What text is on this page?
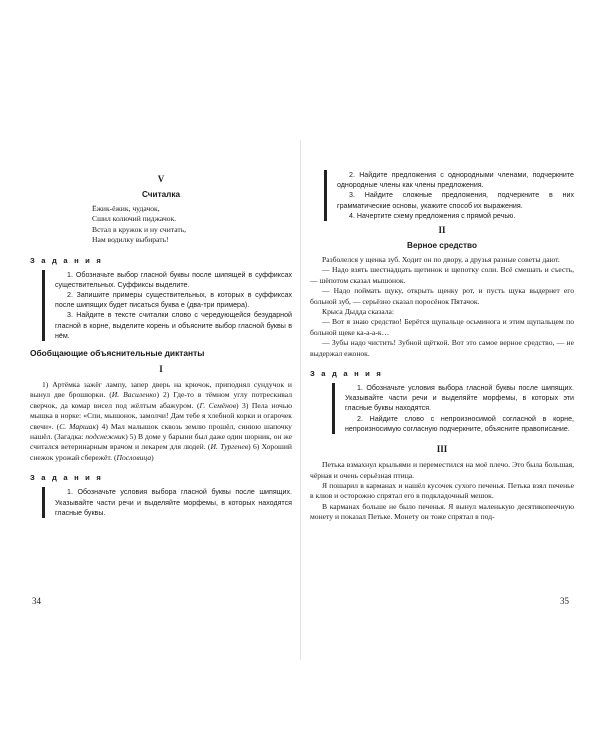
V

Считалка

Ёжик-ёжик, чудачок,

Сшил колючий пиджачок.

Встал в кружок и ну считать,

Нам водилку выбирать!

З а д а н и я

1. Обозначьте выбор гласной буквы после шипящей в суффиксах существительных. Суффиксы выделите.

2. Запишите примеры существительных, в которых в суффиксах после шипящих будет писаться буква е (два-три примера).

3. Найдите в тексте считалки слово с чередующейся безударной гласной в корне, выделите корень и объясните выбор гласной буквы в нём.

Обобщающие объяснительные диктанты

I

1) Артёмка зажёг лампу, запер дверь на крючок, приподнял сундучок и вынул две брошюрки. (И. Василенко) 2) Где-то в тёмном углу потрескивал сверчок, да комар висел под жёлтым абажуром. (Г. Семёнов) 3) Пела ночью мышка в норке: «Спи, мышонок, замолчи! Дам тебе я хлебной корки и огарочек свечи». (С. Маршак) 4) Мал малышок сквозь землю прошёл, синюю шапочку нашёл. (Загадка: подснежник) 5) В доме у барыни был даже один шорник, он же считался ветеринарным врачом и лекарем для людей. (И. Тургенев) 6) Хороший снежок урожай сбережёт. (Пословица)

З а д а н и я

1. Обозначьте условия выбора гласной буквы после шипящих. Указывайте части речи и выделяйте морфемы, в которых находятся гласные буквы.

34

2. Найдите предложения с однородными членами, подчеркните однородные члены как члены предложения.

3. Найдите сложные предложения, подчеркните в них грамматические основы, укажите способ их выражения.

4. Начертите схему предложения с прямой речью.

II

Верное средство

Разболелся у щенка зуб. Ходит он по двору, а друзья разные советы дают.

— Надо взять шестнадцать щетинок и щепотку соли. Всё смешать и съесть, — шёпотом сказал мышонок.

— Надо поймать щуку, открыть щенку рот, и пусть щука выдернет его больной зуб, — серьёзно сказал поросёнок Пятачок.

Крыса Дыдда сказала:

— Вот я знаю средство! Берётся щупальце осьминога и этим щупальцем по больной щеке ка-а-а-к…

— Зубы надо чистить! Зубной щёткой. Вот это самое верное средство, — не выдержал ежонок.

З а д а н и я

1. Обозначьте условия выбора гласной буквы после шипящих. Указывайте части речи и выделяйте морфемы, в которых эти гласные буквы находятся.

2. Найдите слово с непроизносимой согласной в корне, непроизносимую согласную подчеркните, объясните правописание.

III

Петька взмахнул крыльями и переместился на моё плечо. Это была большая, чёрная и очень серьёзная птица.

Я пошарил в карманах и нашёл кусочек сухого печенья. Петька взял печенье в клюв и осторожно спрятал его в подкладочный мешок.

В карманах больше не было печенья. Я вынул маленькую десятикопеечную монету и показал Петьке. Монету он тоже спрятал в под-

35
